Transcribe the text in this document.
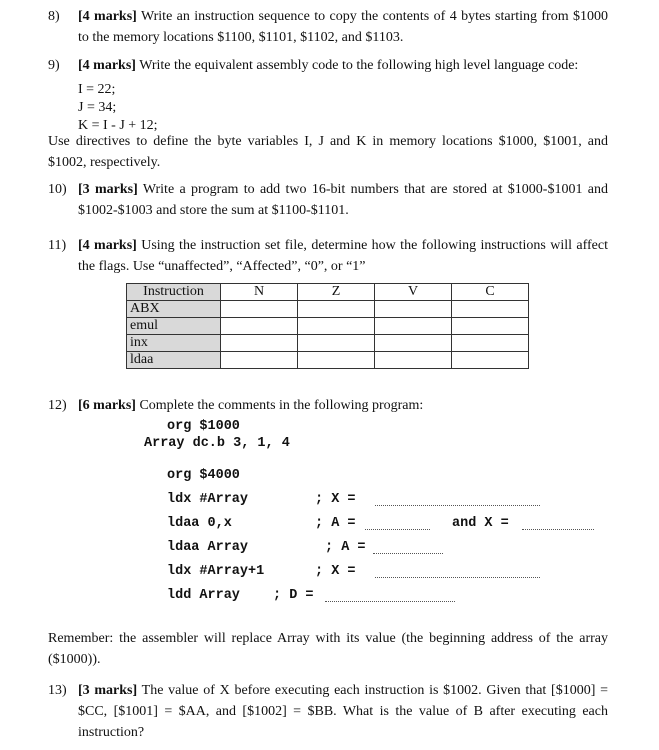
8) [4 marks] Write an instruction sequence to copy the contents of 4 bytes starting from $1000 to the memory locations $1100, $1101, $1102, and $1103.
9) [4 marks] Write the equivalent assembly code to the following high level language code:
I = 22;
J = 34;
K = I - J + 12;
Use directives to define the byte variables I, J and K in memory locations $1000, $1001, and $1002, respectively.
10) [3 marks] Write a program to add two 16-bit numbers that are stored at $1000-$1001 and $1002-$1003 and store the sum at $1100-$1101.
11) [4 marks] Using the instruction set file, determine how the following instructions will affect the flags. Use “unaffected”, “Affected”, “0”, or “1”
Instruction	N	Z	V	C
ABX				
emul				
inx				
ldaa				
12) [6 marks] Complete the comments in the following program:
org $1000
Array dc.b 3, 1, 4
org $4000
ldx #Array	; X =
ldaa 0,x	; A =	and X =
ldaa Array	; A =
ldx #Array+1	; X =
ldd Array ; D =
Remember: the assembler will replace Array with its value (the beginning address of the array ($1000)).
13) [3 marks] The value of X before executing each instruction is $1002. Given that [$1000] = $CC, [$1001] = $AA, and [$1002] = $BB. What is the value of B after executing each instruction?
